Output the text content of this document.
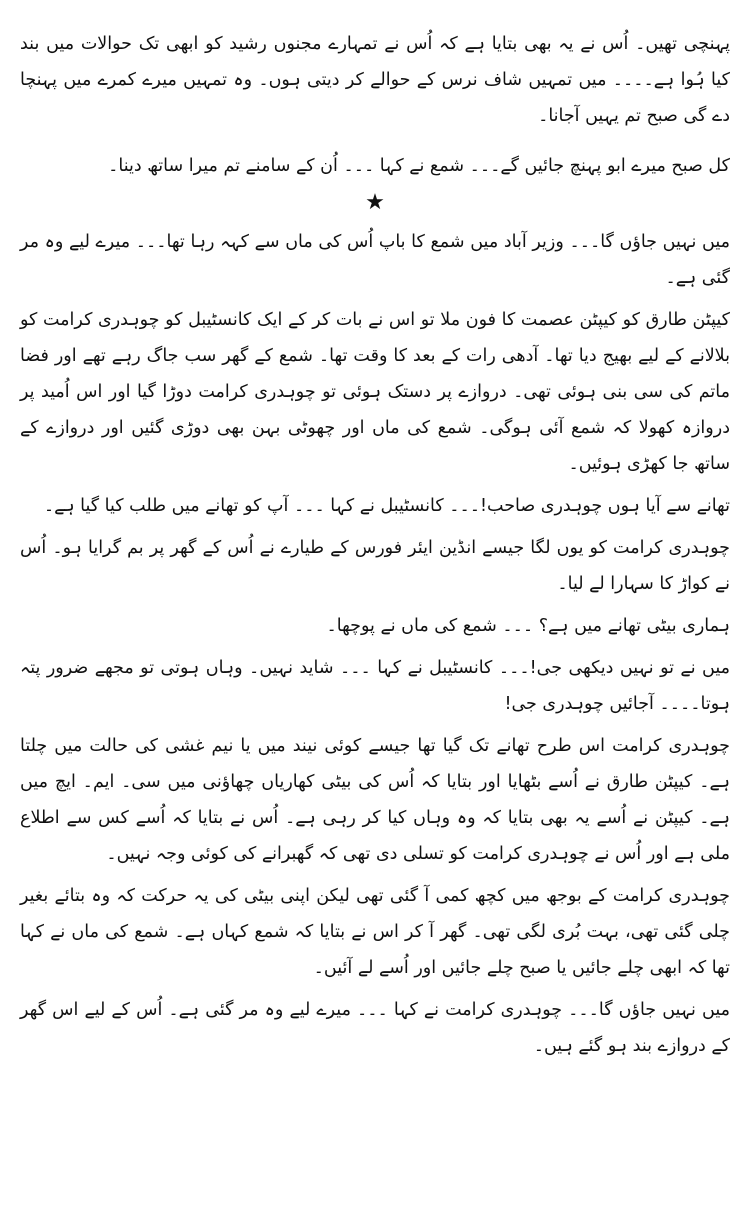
پہنچی تھیں۔ اُس نے یہ بھی بتایا ہے کہ اُس نے تمہارے مجنوں رشید کو ابھی تک حوالات میں بند کیا ہُوا ہے۔۔۔۔ میں تمہیں شاف نرس کے حوالے کر دیتی ہوں۔ وہ تمہیں میرے کمرے میں پہنچا دے گی صبح تم یہیں آجانا۔

کل صبح میرے ابو پہنچ جائیں گے۔۔۔ شمع نے کہا ۔۔۔ اُن کے سامنے تم میرا ساتھ دینا۔

★

میں نہیں جاؤں گا۔۔۔ وزیر آباد میں شمع کا باپ اُس کی ماں سے کہہ رہا تھا۔۔۔ میرے لیے وہ مر گئی ہے۔

کیپٹن طارق کو کیپٹن عصمت کا فون ملا تو اس نے بات کر کے ایک کانسٹیبل کو چوہدری کرامت کو بلالانے کے لیے بھیج دیا تھا۔ آدھی رات کے بعد کا وقت تھا۔ شمع کے گھر سب جاگ رہے تھے اور فضا ماتم کی سی بنی ہوئی تھی۔ دروازے پر دستک ہوئی تو چوہدری کرامت دوڑا گیا اور اس اُمید پر دروازہ کھولا کہ شمع آئی ہوگی۔ شمع کی ماں اور چھوٹی بہن بھی دوڑی گئیں اور دروازے کے ساتھ جا کھڑی ہوئیں۔

تھانے سے آیا ہوں چوہدری صاحب!۔۔۔ کانسٹیبل نے کہا ۔۔۔ آپ کو تھانے میں طلب کیا گیا ہے۔

چوہدری کرامت کو یوں لگا جیسے انڈین ایئر فورس کے طیارے نے اُس کے گھر پر بم گرایا ہو۔ اُس نے کواڑ کا سہارا لے لیا۔

ہماری بیٹی تھانے میں ہے؟ ۔۔۔ شمع کی ماں نے پوچھا۔

میں نے تو نہیں دیکھی جی!۔۔۔ کانسٹیبل نے کہا ۔۔۔ شاید نہیں۔ وہاں ہوتی تو مجھے ضرور پتہ ہوتا۔۔۔۔ آجائیں چوہدری جی!

چوہدری کرامت اس طرح تھانے تک گیا تھا جیسے کوئی نیند میں یا نیم غشی کی حالت میں چلتا ہے۔ کیپٹن طارق نے اُسے بٹھایا اور بتایا کہ اُس کی بیٹی کھاریاں چھاؤنی میں سی۔ ایم۔ ایچ میں ہے۔ کیپٹن نے اُسے یہ بھی بتایا کہ وہ وہاں کیا کر رہی ہے۔ اُس نے بتایا کہ اُسے کس سے اطلاع ملی ہے اور اُس نے چوہدری کرامت کو تسلی دی تھی کہ گھبرانے کی کوئی وجہ نہیں۔

چوہدری کرامت کے بوجھ میں کچھ کمی آ گئی تھی لیکن اپنی بیٹی کی یہ حرکت کہ وہ بتائے بغیر چلی گئی تھی، بہت بُری لگی تھی۔ گھر آ کر اس نے بتایا کہ شمع کہاں ہے۔ شمع کی ماں نے کہا تھا کہ ابھی چلے جائیں یا صبح چلے جائیں اور اُسے لے آئیں۔

میں نہیں جاؤں گا۔۔۔ چوہدری کرامت نے کہا ۔۔۔ میرے لیے وہ مر گئی ہے۔ اُس کے لیے اس گھر کے دروازے بند ہو گئے ہیں۔
